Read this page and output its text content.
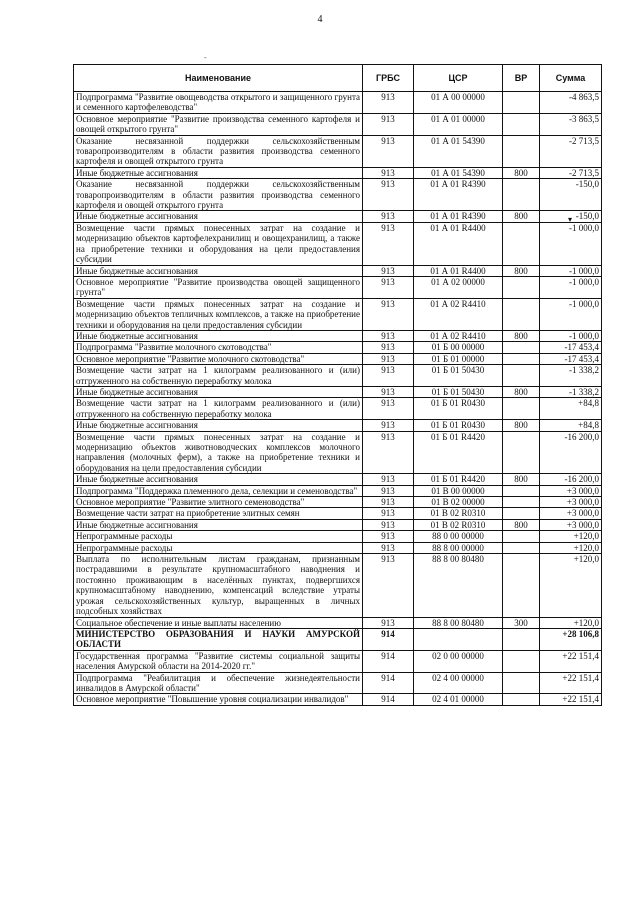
4
-
▾
Наименование	ГРБС	ЦСР	ВР	Сумма
Подпрограмма "Развитие овощеводства открытого и защищенного грунта и семенного картофелеводства"	913	01 А 00 00000		-4 863,5
Основное мероприятие "Развитие производства семенного картофеля и овощей открытого грунта"	913	01 А 01 00000		-3 863,5
Оказание несвязанной поддержки сельскохозяйственным товаропроизводителям в области развития производства семенного картофеля и овощей открытого грунта	913	01 А 01 54390		-2 713,5
Иные бюджетные ассигнования	913	01 А 01 54390	800	-2 713,5
Оказание несвязанной поддержки сельскохозяйственным товаропроизводителям в области развития производства семенного картофеля и овощей открытого грунта	913	01 А 01 R4390		-150,0
Иные бюджетные ассигнования	913	01 А 01 R4390	800	-150,0
Возмещение части прямых понесенных затрат на создание и модернизацию объектов картофелехранилищ и овощехранилищ, а также на приобретение техники и оборудования на цели предоставления субсидии	913	01 А 01 R4400		-1 000,0
Иные бюджетные ассигнования	913	01 А 01 R4400	800	-1 000,0
Основное мероприятие "Развитие производства овощей защищенного грунта"	913	01 А 02 00000		-1 000,0
Возмещение части прямых понесенных затрат на создание и модернизацию объектов тепличных комплексов, а также на приобретение техники и оборудования на цели предоставления субсидии	913	01 А 02 R4410		-1 000,0
Иные бюджетные ассигнования	913	01 А 02 R4410	800	-1 000,0
Подпрограмма "Развитие молочного скотоводства"	913	01 Б 00 00000		-17 453,4
Основное мероприятие "Развитие молочного скотоводства"	913	01 Б 01 00000		-17 453,4
Возмещение части затрат на 1 килограмм реализованного и (или) отгруженного на собственную переработку молока	913	01 Б 01 50430		-1 338,2
Иные бюджетные ассигнования	913	01 Б 01 50430	800	-1 338,2
Возмещение части затрат на 1 килограмм реализованного и (или) отгруженного на собственную переработку молока	913	01 Б 01 R0430		+84,8
Иные бюджетные ассигнования	913	01 Б 01 R0430	800	+84,8
Возмещение части прямых понесенных затрат на создание и модернизацию объектов животноводческих комплексов молочного направления (молочных ферм), а также на приобретение техники и оборудования на цели предоставления субсидии	913	01 Б 01 R4420		-16 200,0
Иные бюджетные ассигнования	913	01 Б 01 R4420	800	-16 200,0
Подпрограмма "Поддержка племенного дела, селекции и семеноводства"	913	01 В 00 00000		+3 000,0
Основное мероприятие "Развитие элитного семеноводства"	913	01 В 02 00000		+3 000,0
Возмещение части затрат на приобретение элитных семян	913	01 В 02 R0310		+3 000,0
Иные бюджетные ассигнования	913	01 В 02 R0310	800	+3 000,0
Непрограммные расходы	913	88 0 00 00000		+120,0
Непрограммные расходы	913	88 8 00 00000		+120,0
Выплата по исполнительным листам гражданам, признанным пострадавшими в результате крупномасштабного наводнения и постоянно проживающим в населённых пунктах, подвергшихся крупномасштабному наводнению, компенсаций вследствие утраты урожая сельскохозяйственных культур, выращенных в личных подсобных хозяйствах	913	88 8 00 80480		+120,0
Социальное обеспечение и иные выплаты населению	913	88 8 00 80480	300	+120,0
МИНИСТЕРСТВО ОБРАЗОВАНИЯ И НАУКИ АМУРСКОЙ ОБЛАСТИ	914			+28 106,8
Государственная программа "Развитие системы социальной защиты населения Амурской области на 2014-2020 гг."	914	02 0 00 00000		+22 151,4
Подпрограмма "Реабилитация и обеспечение жизнедеятельности инвалидов в Амурской области"	914	02 4 00 00000		+22 151,4
Основное мероприятие "Повышение уровня социализации инвалидов"	914	02 4 01 00000		+22 151,4
